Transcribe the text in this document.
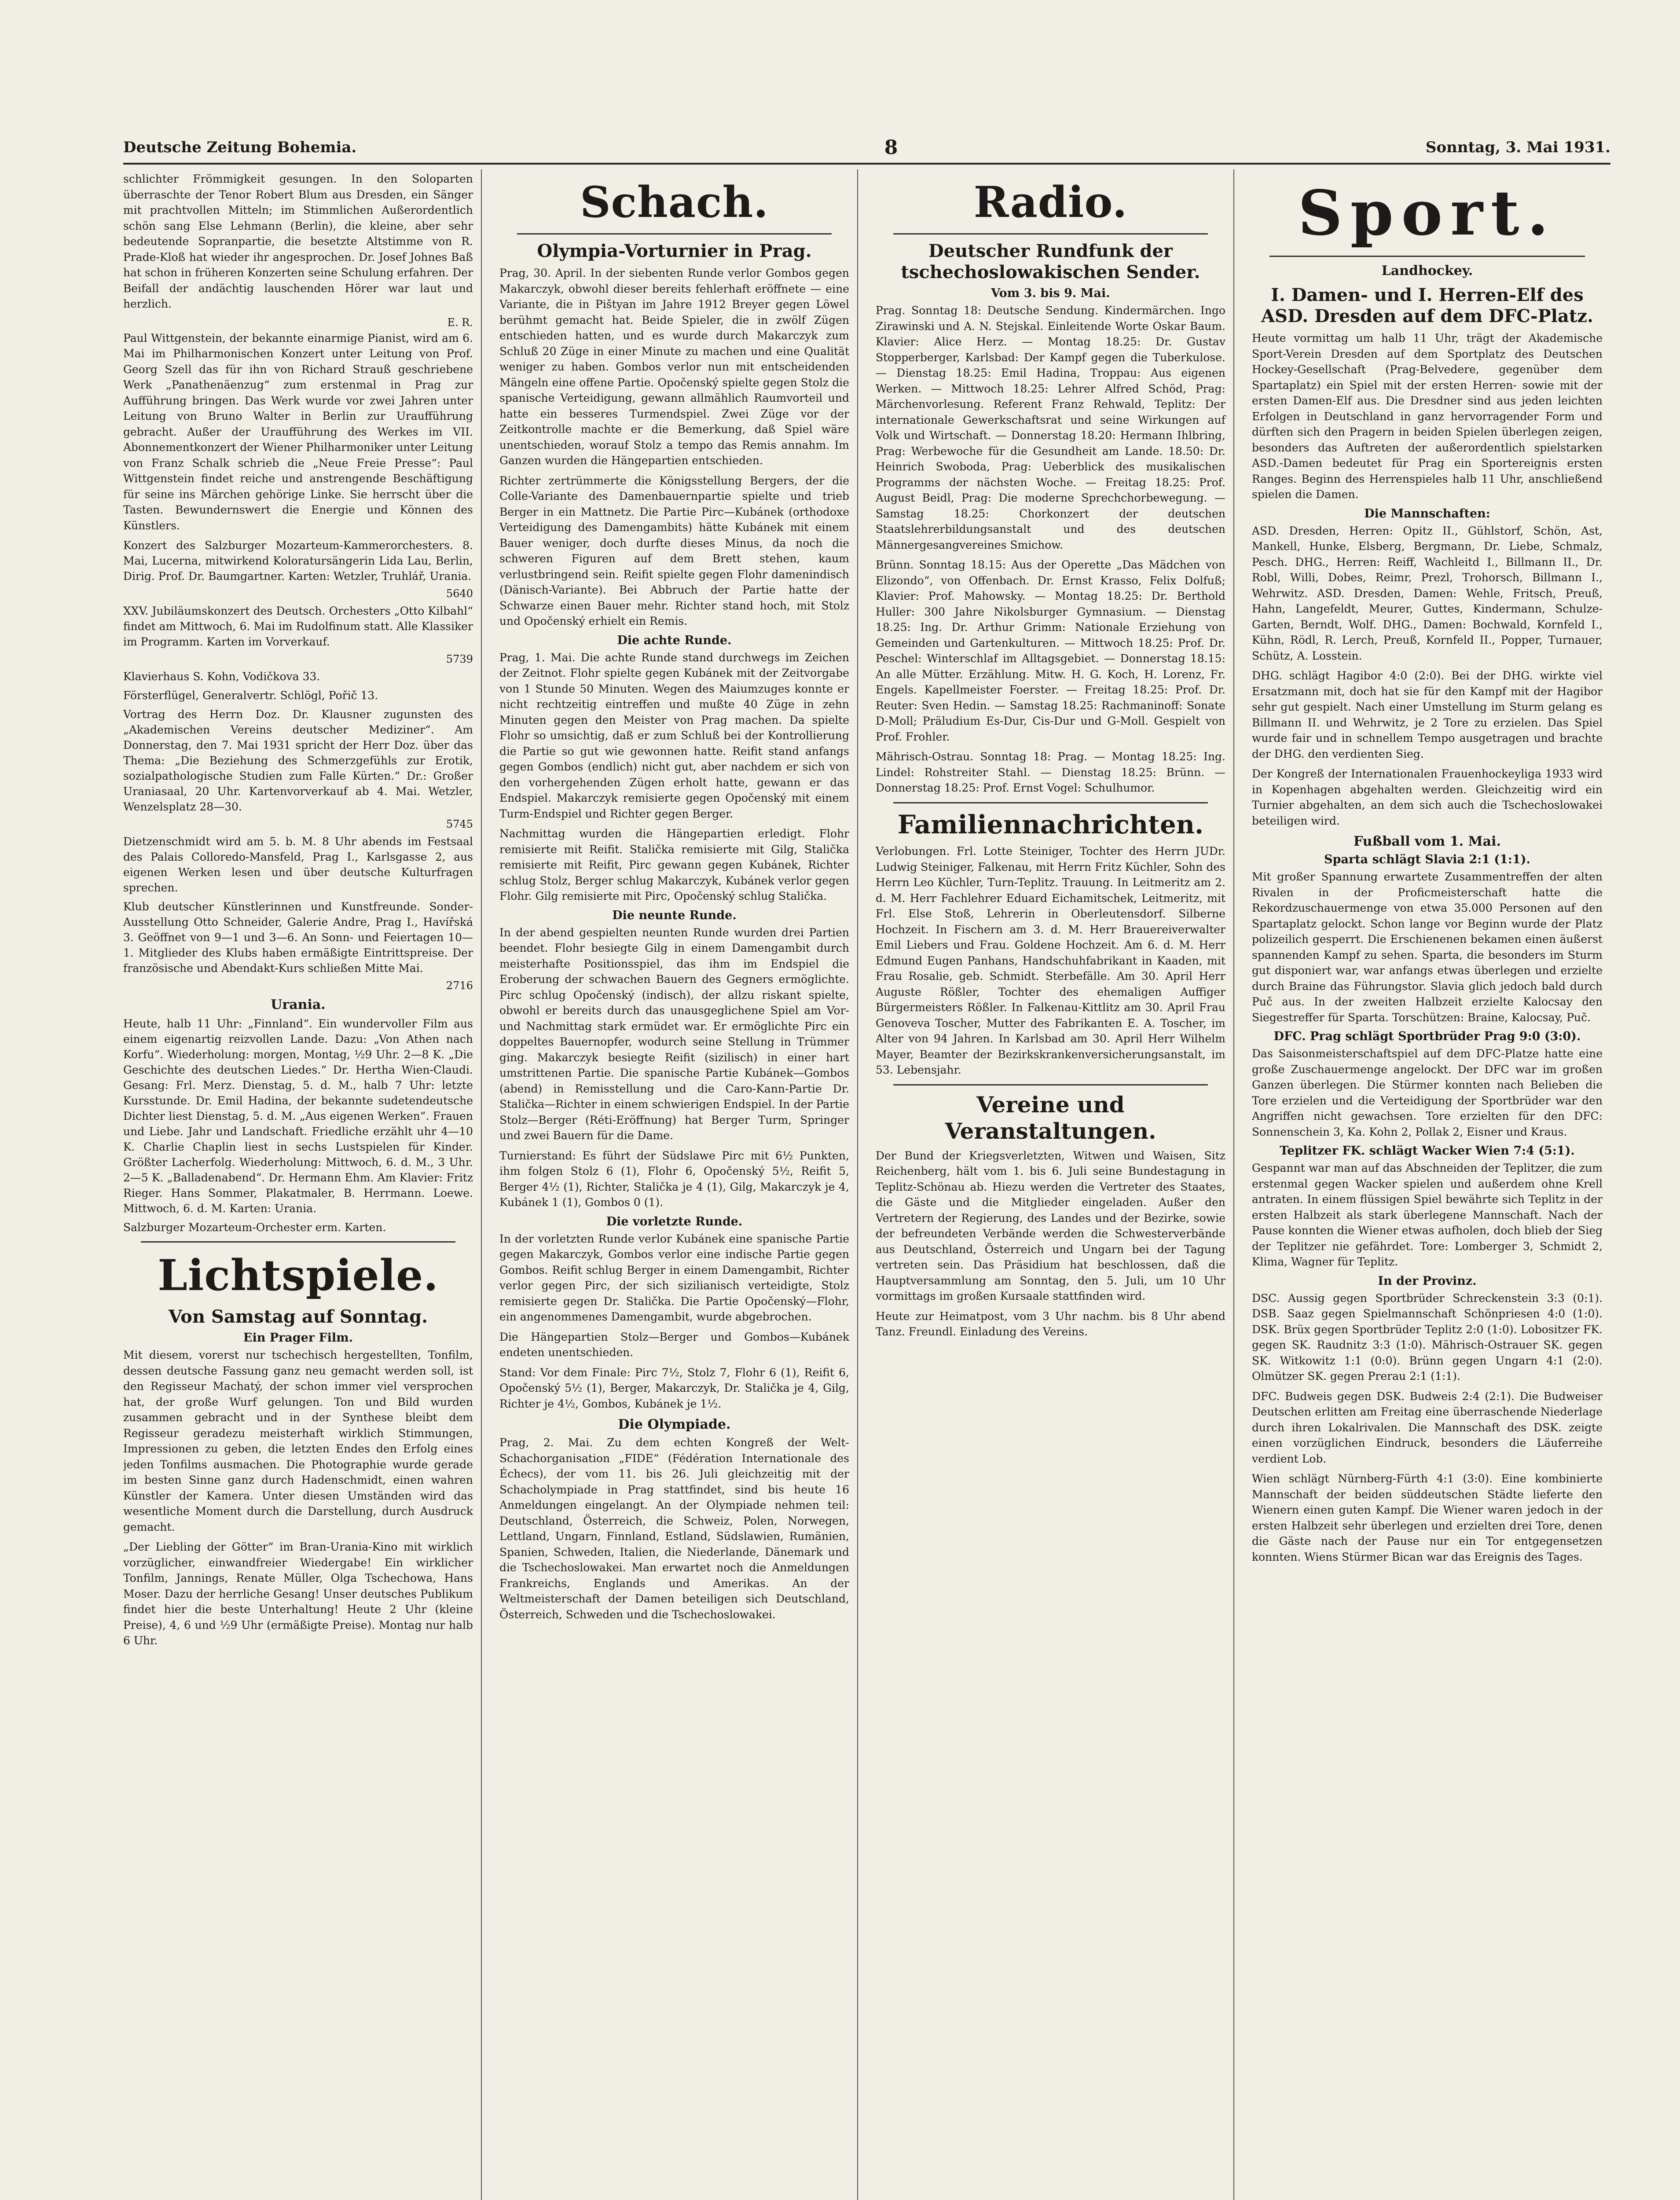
Deutsche Zeitung Bohemia.	8	Sonntag, 3. Mai 1931.

schlichter Frömmigkeit gesungen. In den Soloparten überraschte der Tenor Robert Blum aus Dresden, ein Sänger mit prachtvollen Mitteln; im Stimmlichen Außerordentlich schön sang Else Lehmann (Berlin), die kleine, aber sehr bedeutende Sopranpartie, die besetzte Altstimme von R. Prade-Kloß hat wieder ihr angesprochen. Dr. Josef Johnes Baß hat schon in früheren Konzerten seine Schulung erfahren. Der Beifall der andächtig lauschenden Hörer war laut und herzlich.

E. R.

Paul Wittgenstein, der bekannte einarmige Pianist, wird am 6. Mai im Philharmonischen Konzert unter Leitung von Prof. Georg Szell das für ihn von Richard Strauß geschriebene Werk „Panathenäenzug“ zum erstenmal in Prag zur Aufführung bringen. Das Werk wurde vor zwei Jahren unter Leitung von Bruno Walter in Berlin zur Uraufführung gebracht. Außer der Uraufführung des Werkes im VII. Abonnementkonzert der Wiener Philharmoniker unter Leitung von Franz Schalk schrieb die „Neue Freie Presse“: Paul Wittgenstein findet reiche und anstrengende Beschäftigung für seine ins Märchen gehörige Linke. Sie herrscht über die Tasten. Bewundernswert die Energie und Können des Künstlers.

Konzert des Salzburger Mozarteum-Kammerorchesters. 8. Mai, Lucerna, mitwirkend Koloratursängerin Lida Lau, Berlin, Dirig. Prof. Dr. Baumgartner. Karten: Wetzler, Truhlář, Urania.

5640

XXV. Jubiläumskonzert des Deutsch. Orchesters „Otto Kilbahl“ findet am Mittwoch, 6. Mai im Rudolfinum statt. Alle Klassiker im Programm. Karten im Vorverkauf.

5739

Klavierhaus S. Kohn, Vodičkova 33.

Försterflügel, Generalvertr. Schlögl, Pořič 13.

Vortrag des Herrn Doz. Dr. Klausner zugunsten des „Akademischen Vereins deutscher Mediziner“. Am Donnerstag, den 7. Mai 1931 spricht der Herr Doz. über das Thema: „Die Beziehung des Schmerzgefühls zur Erotik, sozialpathologische Studien zum Falle Kürten.“ Dr.: Großer Uraniasaal, 20 Uhr. Kartenvorverkauf ab 4. Mai. Wetzler, Wenzelsplatz 28—30.

5745

Dietzenschmidt wird am 5. b. M. 8 Uhr abends im Festsaal des Palais Colloredo-Mansfeld, Prag I., Karlsgasse 2, aus eigenen Werken lesen und über deutsche Kulturfragen sprechen.

Klub deutscher Künstlerinnen und Kunstfreunde. Sonder-Ausstellung Otto Schneider, Galerie Andre, Prag I., Havířská 3. Geöffnet von 9—1 und 3—6. An Sonn- und Feiertagen 10—1. Mitglieder des Klubs haben ermäßigte Eintrittspreise. Der französische und Abendakt-Kurs schließen Mitte Mai.

2716
Urania.

Heute, halb 11 Uhr: „Finnland“. Ein wundervoller Film aus einem eigenartig reizvollen Lande. Dazu: „Von Athen nach Korfu“. Wiederholung: morgen, Montag, ½9 Uhr. 2—8 K. „Die Geschichte des deutschen Liedes.“ Dr. Hertha Wien-Claudi. Gesang: Frl. Merz. Dienstag, 5. d. M., halb 7 Uhr: letzte Kursstunde. Dr. Emil Hadina, der bekannte sudetendeutsche Dichter liest Dienstag, 5. d. M. „Aus eigenen Werken“. Frauen und Liebe. Jahr und Landschaft. Friedliche erzählt uhr 4—10 K. Charlie Chaplin liest in sechs Lustspielen für Kinder. Größter Lacherfolg. Wiederholung: Mittwoch, 6. d. M., 3 Uhr. 2—5 K. „Balladenabend“. Dr. Hermann Ehm. Am Klavier: Fritz Rieger. Hans Sommer, Plakatmaler, B. Herrmann. Loewe. Mittwoch, 6. d. M. Karten: Urania.

Salzburger Mozarteum-Orchester erm. Karten.

Lichtspiele.
Von Samstag auf Sonntag.
Ein Prager Film.

Mit diesem, vorerst nur tschechisch hergestellten, Tonfilm, dessen deutsche Fassung ganz neu gemacht werden soll, ist den Regisseur Machatý, der schon immer viel versprochen hat, der große Wurf gelungen. Ton und Bild wurden zusammen gebracht und in der Synthese bleibt dem Regisseur geradezu meisterhaft wirklich Stimmungen, Impressionen zu geben, die letzten Endes den Erfolg eines jeden Tonfilms ausmachen. Die Photographie wurde gerade im besten Sinne ganz durch Hadenschmidt, einen wahren Künstler der Kamera. Unter diesen Umständen wird das wesentliche Moment durch die Darstellung, durch Ausdruck gemacht.

„Der Liebling der Götter“ im Bran-Urania-Kino mit wirklich vorzüglicher, einwandfreier Wiedergabe! Ein wirklicher Tonfilm, Jannings, Renate Müller, Olga Tschechowa, Hans Moser. Dazu der herrliche Gesang! Unser deutsches Publikum findet hier die beste Unterhaltung! Heute 2 Uhr (kleine Preise), 4, 6 und ½9 Uhr (ermäßigte Preise). Montag nur halb 6 Uhr.

Schach.
Olympia-Vorturnier in Prag.

Prag, 30. April. In der siebenten Runde verlor Gombos gegen Makarczyk, obwohl dieser bereits fehlerhaft eröffnete — eine Variante, die in Pištyan im Jahre 1912 Breyer gegen Löwel berühmt gemacht hat. Beide Spieler, die in zwölf Zügen entschieden hatten, und es wurde durch Makarczyk zum Schluß 20 Züge in einer Minute zu machen und eine Qualität weniger zu haben. Gombos verlor nun mit entscheidenden Mängeln eine offene Partie. Opočenský spielte gegen Stolz die spanische Verteidigung, gewann allmählich Raumvorteil und hatte ein besseres Turmendspiel. Zwei Züge vor der Zeitkontrolle machte er die Bemerkung, daß Spiel wäre unentschieden, worauf Stolz a tempo das Remis annahm. Im Ganzen wurden die Hängepartien entschieden.

Richter zertrümmerte die Königsstellung Bergers, der die Colle-Variante des Damenbauernpartie spielte und trieb Berger in ein Mattnetz. Die Partie Pirc—Kubánek (orthodoxe Verteidigung des Damengambits) hätte Kubánek mit einem Bauer weniger, doch durfte dieses Minus, da noch die schweren Figuren auf dem Brett stehen, kaum verlustbringend sein. Reifit spielte gegen Flohr damenindisch (Dänisch-Variante). Bei Abbruch der Partie hatte der Schwarze einen Bauer mehr. Richter stand hoch, mit Stolz und Opočenský erhielt ein Remis.

Die achte Runde.

Prag, 1. Mai. Die achte Runde stand durchwegs im Zeichen der Zeitnot. Flohr spielte gegen Kubánek mit der Zeitvorgabe von 1 Stunde 50 Minuten. Wegen des Maiumzuges konnte er nicht rechtzeitig eintreffen und mußte 40 Züge in zehn Minuten gegen den Meister von Prag machen. Da spielte Flohr so umsichtig, daß er zum Schluß bei der Kontrollierung die Partie so gut wie gewonnen hatte. Reifit stand anfangs gegen Gombos (endlich) nicht gut, aber nachdem er sich von den vorhergehenden Zügen erholt hatte, gewann er das Endspiel. Makarczyk remisierte gegen Opočenský mit einem Turm-Endspiel und Richter gegen Berger.

Nachmittag wurden die Hängepartien erledigt. Flohr remisierte mit Reifit. Stalička remisierte mit Gilg, Stalička remisierte mit Reifit, Pirc gewann gegen Kubánek, Richter schlug Stolz, Berger schlug Makarczyk, Kubánek verlor gegen Flohr. Gilg remisierte mit Pirc, Opočenský schlug Stalička.

Die neunte Runde.

In der abend gespielten neunten Runde wurden drei Partien beendet. Flohr besiegte Gilg in einem Damengambit durch meisterhafte Positionsspiel, das ihm im Endspiel die Eroberung der schwachen Bauern des Gegners ermöglichte. Pirc schlug Opočenský (indisch), der allzu riskant spielte, obwohl er bereits durch das unausgeglichene Spiel am Vor- und Nachmittag stark ermüdet war. Er ermöglichte Pirc ein doppeltes Bauernopfer, wodurch seine Stellung in Trümmer ging. Makarczyk besiegte Reifit (sizilisch) in einer hart umstrittenen Partie. Die spanische Partie Kubánek—Gombos (abend) in Remisstellung und die Caro-Kann-Partie Dr. Stalička—Richter in einem schwierigen Endspiel. In der Partie Stolz—Berger (Réti-Eröffnung) hat Berger Turm, Springer und zwei Bauern für die Dame.

Turnierstand: Es führt der Südslawe Pirc mit 6½ Punkten, ihm folgen Stolz 6 (1), Flohr 6, Opočenský 5½, Reifit 5, Berger 4½ (1), Richter, Stalička je 4 (1), Gilg, Makarczyk je 4, Kubánek 1 (1), Gombos 0 (1).

Die vorletzte Runde.

In der vorletzten Runde verlor Kubánek eine spanische Partie gegen Makarczyk, Gombos verlor eine indische Partie gegen Gombos. Reifit schlug Berger in einem Damengambit, Richter verlor gegen Pirc, der sich sizilianisch verteidigte, Stolz remisierte gegen Dr. Stalička. Die Partie Opočenský—Flohr, ein angenommenes Damengambit, wurde abgebrochen.

Die Hängepartien Stolz—Berger und Gombos—Kubánek endeten unentschieden.

Stand: Vor dem Finale: Pirc 7½, Stolz 7, Flohr 6 (1), Reifit 6, Opočenský 5½ (1), Berger, Makarczyk, Dr. Stalička je 4, Gilg, Richter je 4½, Gombos, Kubánek je 1½.

Die Olympiade.

Prag, 2. Mai. Zu dem echten Kongreß der Welt-Schachorganisation „FIDE“ (Fédération Internationale des Échecs), der vom 11. bis 26. Juli gleichzeitig mit der Schacholympiade in Prag stattfindet, sind bis heute 16 Anmeldungen eingelangt. An der Olympiade nehmen teil: Deutschland, Österreich, die Schweiz, Polen, Norwegen, Lettland, Ungarn, Finnland, Estland, Südslawien, Rumänien, Spanien, Schweden, Italien, die Niederlande, Dänemark und die Tschechoslowakei. Man erwartet noch die Anmeldungen Frankreichs, Englands und Amerikas. An der Weltmeisterschaft der Damen beteiligen sich Deutschland, Österreich, Schweden und die Tschechoslowakei.

Radio.
Deutscher Rundfunk der tschechoslowakischen Sender.
Vom 3. bis 9. Mai.

Prag. Sonntag 18: Deutsche Sendung. Kindermärchen. Ingo Zirawinski und A. N. Stejskal. Einleitende Worte Oskar Baum. Klavier: Alice Herz. — Montag 18.25: Dr. Gustav Stopperberger, Karlsbad: Der Kampf gegen die Tuberkulose. — Dienstag 18.25: Emil Hadina, Troppau: Aus eigenen Werken. — Mittwoch 18.25: Lehrer Alfred Schöd, Prag: Märchenvorlesung. Referent Franz Rehwald, Teplitz: Der internationale Gewerkschaftsrat und seine Wirkungen auf Volk und Wirtschaft. — Donnerstag 18.20: Hermann Ihlbring, Prag: Werbewoche für die Gesundheit am Lande. 18.50: Dr. Heinrich Swoboda, Prag: Ueberblick des musikalischen Programms der nächsten Woche. — Freitag 18.25: Prof. August Beidl, Prag: Die moderne Sprechchorbewegung. — Samstag 18.25: Chorkonzert der deutschen Staatslehrerbildungsanstalt und des deutschen Männergesangvereines Smichow.

Brünn. Sonntag 18.15: Aus der Operette „Das Mädchen von Elizondo“, von Offenbach. Dr. Ernst Krasso, Felix Dolfuß; Klavier: Prof. Mahowsky. — Montag 18.25: Dr. Berthold Huller: 300 Jahre Nikolsburger Gymnasium. — Dienstag 18.25: Ing. Dr. Arthur Grimm: Nationale Erziehung von Gemeinden und Gartenkulturen. — Mittwoch 18.25: Prof. Dr. Peschel: Winterschlaf im Alltagsgebiet. — Donnerstag 18.15: An alle Mütter. Erzählung. Mitw. H. G. Koch, H. Lorenz, Fr. Engels. Kapellmeister Foerster. — Freitag 18.25: Prof. Dr. Reuter: Sven Hedin. — Samstag 18.25: Rachmaninoff: Sonate D-Moll; Präludium Es-Dur, Cis-Dur und G-Moll. Gespielt von Prof. Frohler.

Mährisch-Ostrau. Sonntag 18: Prag. — Montag 18.25: Ing. Lindel: Rohstreiter Stahl. — Dienstag 18.25: Brünn. — Donnerstag 18.25: Prof. Ernst Vogel: Schulhumor.

Familiennachrichten.

Verlobungen. Frl. Lotte Steiniger, Tochter des Herrn JUDr. Ludwig Steiniger, Falkenau, mit Herrn Fritz Küchler, Sohn des Herrn Leo Küchler, Turn-Teplitz. Trauung. In Leitmeritz am 2. d. M. Herr Fachlehrer Eduard Eichamitschek, Leitmeritz, mit Frl. Else Stoß, Lehrerin in Oberleutensdorf. Silberne Hochzeit. In Fischern am 3. d. M. Herr Brauereiverwalter Emil Liebers und Frau. Goldene Hochzeit. Am 6. d. M. Herr Edmund Eugen Panhans, Handschuhfabrikant in Kaaden, mit Frau Rosalie, geb. Schmidt. Sterbefälle. Am 30. April Herr Auguste Rößler, Tochter des ehemaligen Auffiger Bürgermeisters Rößler. In Falkenau-Kittlitz am 30. April Frau Genoveva Toscher, Mutter des Fabrikanten E. A. Toscher, im Alter von 94 Jahren. In Karlsbad am 30. April Herr Wilhelm Mayer, Beamter der Bezirkskrankenversicherungsanstalt, im 53. Lebensjahr.

Vereine und Veranstaltungen.

Der Bund der Kriegsverletzten, Witwen und Waisen, Sitz Reichenberg, hält vom 1. bis 6. Juli seine Bundestagung in Teplitz-Schönau ab. Hiezu werden die Vertreter des Staates, die Gäste und die Mitglieder eingeladen. Außer den Vertretern der Regierung, des Landes und der Bezirke, sowie der befreundeten Verbände werden die Schwesterverbände aus Deutschland, Österreich und Ungarn bei der Tagung vertreten sein. Das Präsidium hat beschlossen, daß die Hauptversammlung am Sonntag, den 5. Juli, um 10 Uhr vormittags im großen Kursaale stattfinden wird.

Heute zur Heimatpost, vom 3 Uhr nachm. bis 8 Uhr abend Tanz. Freundl. Einladung des Vereins.

Sport.
Landhockey.
I. Damen- und I. Herren-Elf des ASD. Dresden auf dem DFC-Platz.

Heute vormittag um halb 11 Uhr, trägt der Akademische Sport-Verein Dresden auf dem Sportplatz des Deutschen Hockey-Gesellschaft (Prag-Belvedere, gegenüber dem Spartaplatz) ein Spiel mit der ersten Herren- sowie mit der ersten Damen-Elf aus. Die Dresdner sind aus jeden leichten Erfolgen in Deutschland in ganz hervorragender Form und dürften sich den Pragern in beiden Spielen überlegen zeigen, besonders das Auftreten der außerordentlich spielstarken ASD.-Damen bedeutet für Prag ein Sportereignis ersten Ranges. Beginn des Herrenspieles halb 11 Uhr, anschließend spielen die Damen.

Die Mannschaften:

ASD. Dresden, Herren: Opitz II., Gühlstorf, Schön, Ast, Mankell, Hunke, Elsberg, Bergmann, Dr. Liebe, Schmalz, Pesch. DHG., Herren: Reiff, Wachleitd I., Billmann II., Dr. Robl, Willi, Dobes, Reimr, Prezl, Trohorsch, Billmann I., Wehrwitz. ASD. Dresden, Damen: Wehle, Fritsch, Preuß, Hahn, Langefeldt, Meurer, Guttes, Kindermann, Schulze-Garten, Berndt, Wolf. DHG., Damen: Bochwald, Kornfeld I., Kühn, Rödl, R. Lerch, Preuß, Kornfeld II., Popper, Turnauer, Schütz, A. Losstein.

DHG. schlägt Hagibor 4:0 (2:0). Bei der DHG. wirkte viel Ersatzmann mit, doch hat sie für den Kampf mit der Hagibor sehr gut gespielt. Nach einer Umstellung im Sturm gelang es Billmann II. und Wehrwitz, je 2 Tore zu erzielen. Das Spiel wurde fair und in schnellem Tempo ausgetragen und brachte der DHG. den verdienten Sieg.

Der Kongreß der Internationalen Frauenhockeyliga 1933 wird in Kopenhagen abgehalten werden. Gleichzeitig wird ein Turnier abgehalten, an dem sich auch die Tschechoslowakei beteiligen wird.

Fußball vom 1. Mai.
Sparta schlägt Slavia 2:1 (1:1).

Mit großer Spannung erwartete Zusammentreffen der alten Rivalen in der Proficmeisterschaft hatte die Rekordzuschauermenge von etwa 35.000 Personen auf den Spartaplatz gelockt. Schon lange vor Beginn wurde der Platz polizeilich gesperrt. Die Erschienenen bekamen einen äußerst spannenden Kampf zu sehen. Sparta, die besonders im Sturm gut disponiert war, war anfangs etwas überlegen und erzielte durch Braine das Führungstor. Slavia glich jedoch bald durch Puč aus. In der zweiten Halbzeit erzielte Kalocsay den Siegestreffer für Sparta. Torschützen: Braine, Kalocsay, Puč.

DFC. Prag schlägt Sportbrüder Prag 9:0 (3:0).

Das Saisonmeisterschaftspiel auf dem DFC-Platze hatte eine große Zuschauermenge angelockt. Der DFC war im großen Ganzen überlegen. Die Stürmer konnten nach Belieben die Tore erzielen und die Verteidigung der Sportbrüder war den Angriffen nicht gewachsen. Tore erzielten für den DFC: Sonnenschein 3, Ka. Kohn 2, Pollak 2, Eisner und Kraus.

Teplitzer FK. schlägt Wacker Wien 7:4 (5:1).

Gespannt war man auf das Abschneiden der Teplitzer, die zum erstenmal gegen Wacker spielen und außerdem ohne Krell antraten. In einem flüssigen Spiel bewährte sich Teplitz in der ersten Halbzeit als stark überlegene Mannschaft. Nach der Pause konnten die Wiener etwas aufholen, doch blieb der Sieg der Teplitzer nie gefährdet. Tore: Lomberger 3, Schmidt 2, Klima, Wagner für Teplitz.

In der Provinz.

DSC. Aussig gegen Sportbrüder Schreckenstein 3:3 (0:1). DSB. Saaz gegen Spielmannschaft Schönpriesen 4:0 (1:0). DSK. Brüx gegen Sportbrüder Teplitz 2:0 (1:0). Lobositzer FK. gegen SK. Raudnitz 3:3 (1:0). Mährisch-Ostrauer SK. gegen SK. Witkowitz 1:1 (0:0). Brünn gegen Ungarn 4:1 (2:0). Olmützer SK. gegen Prerau 2:1 (1:1).

DFC. Budweis gegen DSK. Budweis 2:4 (2:1). Die Budweiser Deutschen erlitten am Freitag eine überraschende Niederlage durch ihren Lokalrivalen. Die Mannschaft des DSK. zeigte einen vorzüglichen Eindruck, besonders die Läuferreihe verdient Lob.

Wien schlägt Nürnberg-Fürth 4:1 (3:0). Eine kombinierte Mannschaft der beiden süddeutschen Städte lieferte den Wienern einen guten Kampf. Die Wiener waren jedoch in der ersten Halbzeit sehr überlegen und erzielten drei Tore, denen die Gäste nach der Pause nur ein Tor entgegensetzen konnten. Wiens Stürmer Bican war das Ereignis des Tages.
